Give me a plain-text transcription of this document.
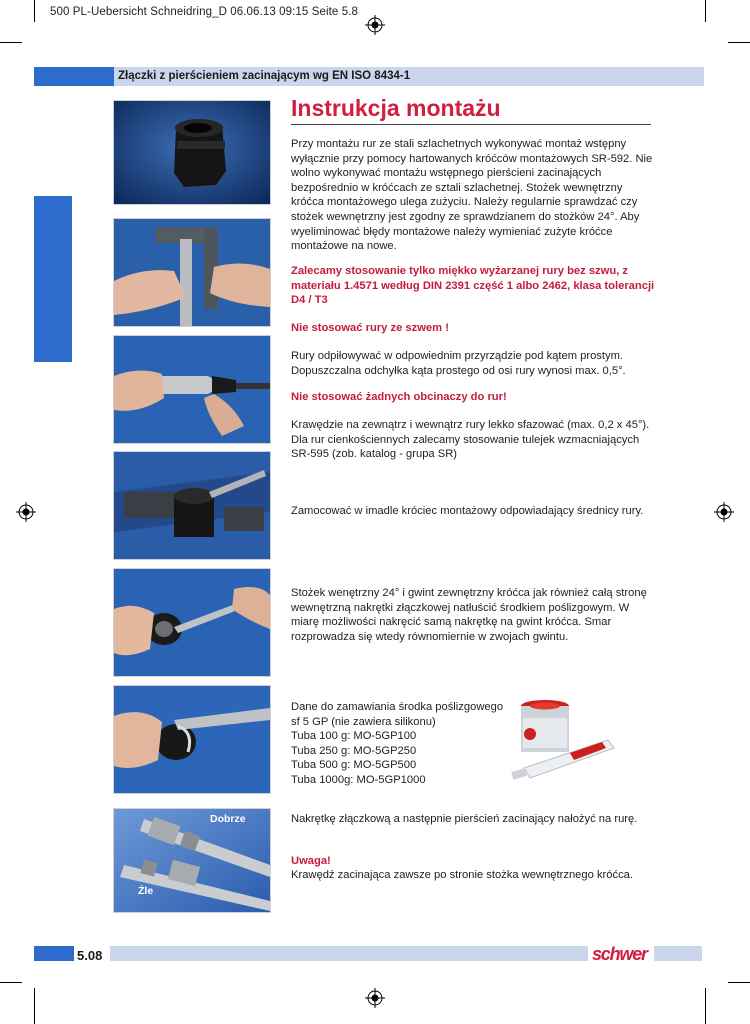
500 PL-Uebersicht Schneidring_D 06.06.13 09:15 Seite 5.8
Złączki z pierścieniem zacinającym wg EN ISO 8434-1
Instrukcja montażu
Dobrze
Źle
Przy montażu rur ze stali szlachetnych wykonywać montaż wstępny wyłącznie przy pomocy hartowanych króćców montażowych SR-592. Nie wolno wykonywać montażu wstępnego pierścieni zacinających bezpośrednio w króćcach ze sztali szlachetnej. Stożek wewnętrzny króćca montażowego ulega zużyciu. Należy regularnie sprawdzać czy stożek wewnętrzny jest zgodny ze sprawdzianem do stożków 24°. Aby wyeliminować błędy montażowe należy wymieniać zużyte króćce montażowe na nowe.
Zalecamy stosowanie tylko miękko wyżarzanej rury bez szwu, z materiału 1.4571 według DIN 2391 część 1 albo 2462, klasa tolerancji D4 / T3
Nie stosować rury ze szwem !
Rury odpiłowywać w odpowiednim przyrządzie pod kątem prostym. Dopuszczalna odchyłka kąta prostego od osi rury wynosi max. 0,5°.
Nie stosować żadnych obcinaczy do rur!
Krawędzie na zewnątrz i wewnątrz rury lekko sfazować (max. 0,2 x 45°). Dla rur cienkościennych zalecamy stosowanie tulejek wzmacniających SR-595 (zob. katalog - grupa SR)
Zamocować w imadle króciec montażowy odpowiadający średnicy rury.
Stożek wenętrzny 24° i gwint zewnętrzny króćca jak również całą stronę wewnętrzną nakrętki złączkowej natłuścić środkiem poślizgowym. W miarę możliwości nakręcić samą nakrętkę na gwint króćca. Smar rozprowadza się wtedy równomiernie w zwojach gwintu.
Dane do zamawiania środka poślizgowego
sf 5 GP (nie zawiera silikonu)
Tuba 100 g: MO-5GP100
Tuba 250 g: MO-5GP250
Tuba 500 g: MO-5GP500
Tuba 1000g: MO-5GP1000
Nakrętkę złączkową a następnie pierścień zacinający nałożyć na rurę.
Uwaga!
Krawędź zacinająca zawsze po stronie stożka wewnętrznego króćca.
5.08	schwer
